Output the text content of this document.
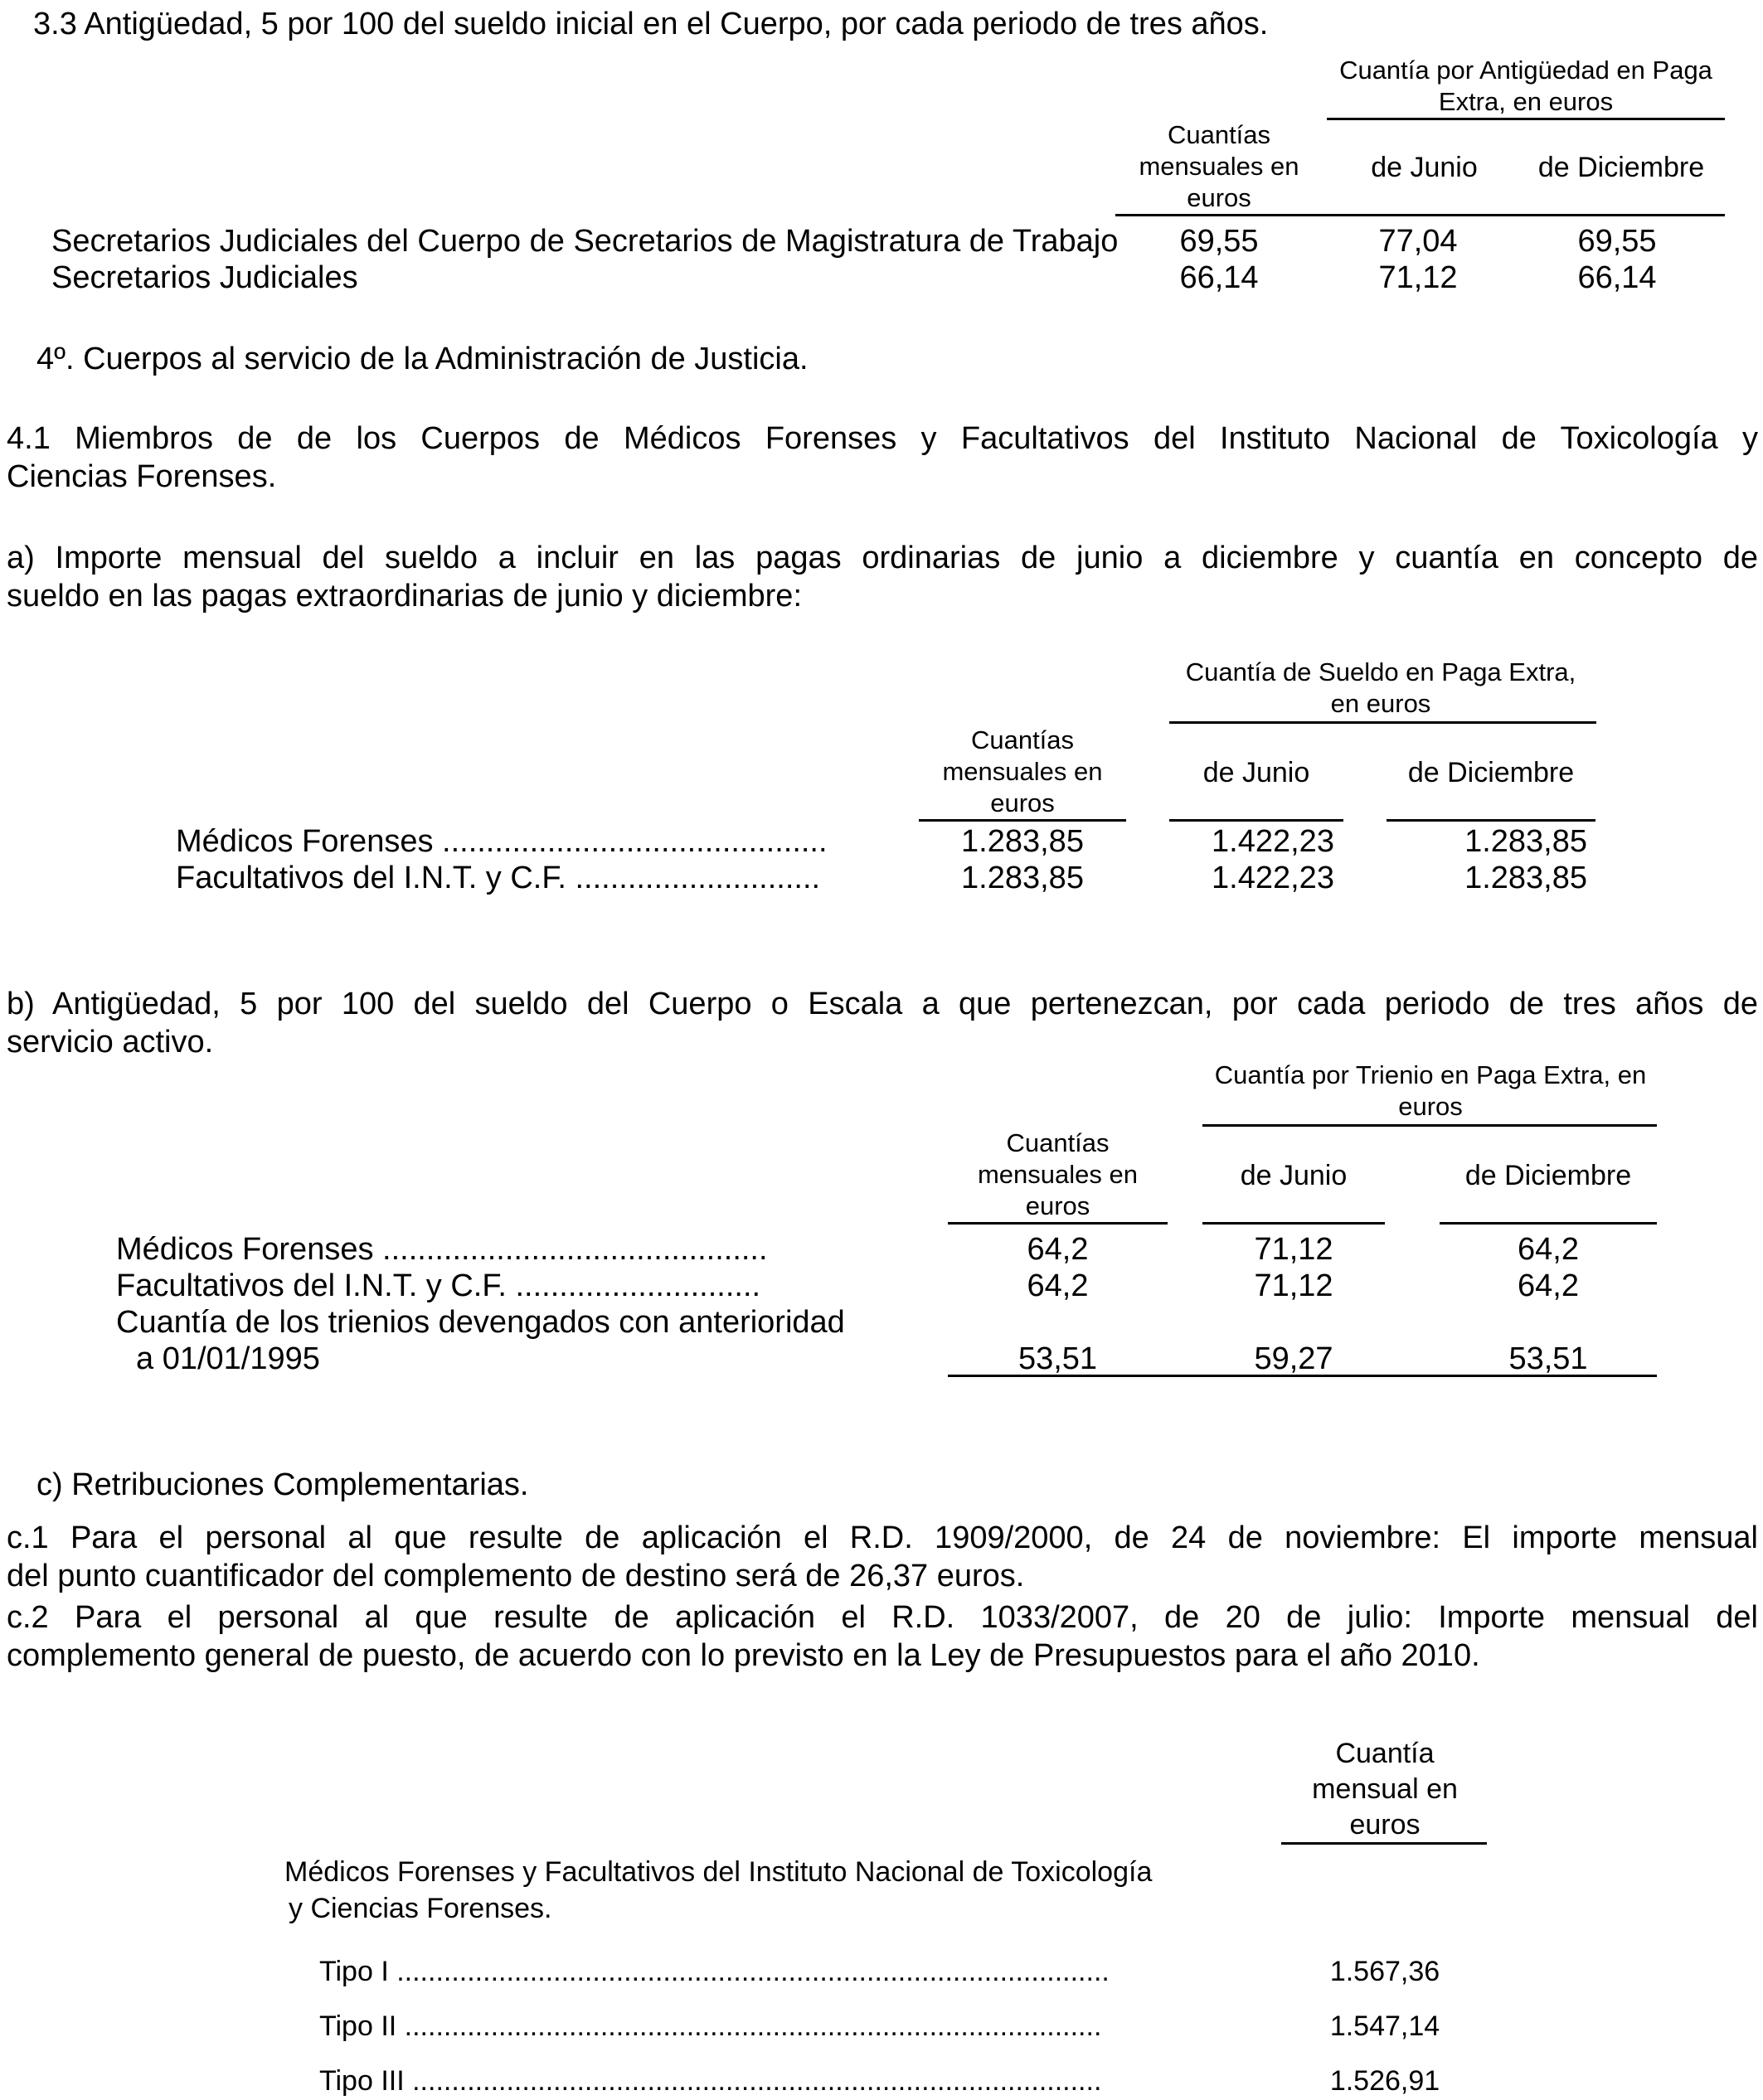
3.3 Antigüedad, 5 por 100 del sueldo inicial en el Cuerpo, por cada periodo de tres años.
Cuantía por Antigüedad en Paga Extra, en euros
Cuantías mensuales en euros
de Junio	de Diciembre
Secretarios Judiciales del Cuerpo de Secretarios de Magistratura de Trabajo	69,55	77,04	69,55
Secretarios Judiciales	66,14	71,12	66,14
4º. Cuerpos al servicio de la Administración de Justicia.
4.1 Miembros de de los Cuerpos de Médicos Forenses y Facultativos del Instituto Nacional de Toxicología y
Ciencias Forenses.
a) Importe mensual del sueldo a incluir en las pagas ordinarias de junio a diciembre y cuantía en concepto de
sueldo en las pagas extraordinarias de junio y diciembre:
Cuantía de Sueldo en Paga Extra, en euros
Cuantías mensuales en euros
de Junio	de Diciembre
Médicos Forenses ............................................	1.283,85	1.422,23	1.283,85
Facultativos del I.N.T. y C.F. ............................	1.283,85	1.422,23	1.283,85
b) Antigüedad, 5 por 100 del sueldo del Cuerpo o Escala a que pertenezcan, por cada periodo de tres años de
servicio activo.
Cuantía por Trienio en Paga Extra, en euros
Cuantías mensuales en euros
de Junio	de Diciembre
Médicos Forenses ............................................	64,2	71,12	64,2
Facultativos del I.N.T. y C.F. ............................	64,2	71,12	64,2
Cuantía de los trienios devengados con anterioridad
a 01/01/1995	53,51	59,27	53,51
c) Retribuciones Complementarias.
c.1 Para el personal al que resulte de aplicación el R.D. 1909/2000, de 24 de noviembre: El importe mensual
del punto cuantificador del complemento de destino será de 26,37 euros.
c.2 Para el personal al que resulte de aplicación el R.D. 1033/2007, de 20 de julio: Importe mensual del
complemento general de puesto, de acuerdo con lo previsto en la Ley de Presupuestos para el año 2010.
Cuantía mensual en euros
Médicos Forenses y Facultativos del Instituto Nacional de Toxicología
y Ciencias Forenses.
Tipo I ...........................................................................................	1.567,36
Tipo II .........................................................................................	1.547,14
Tipo III ........................................................................................	1.526,91
